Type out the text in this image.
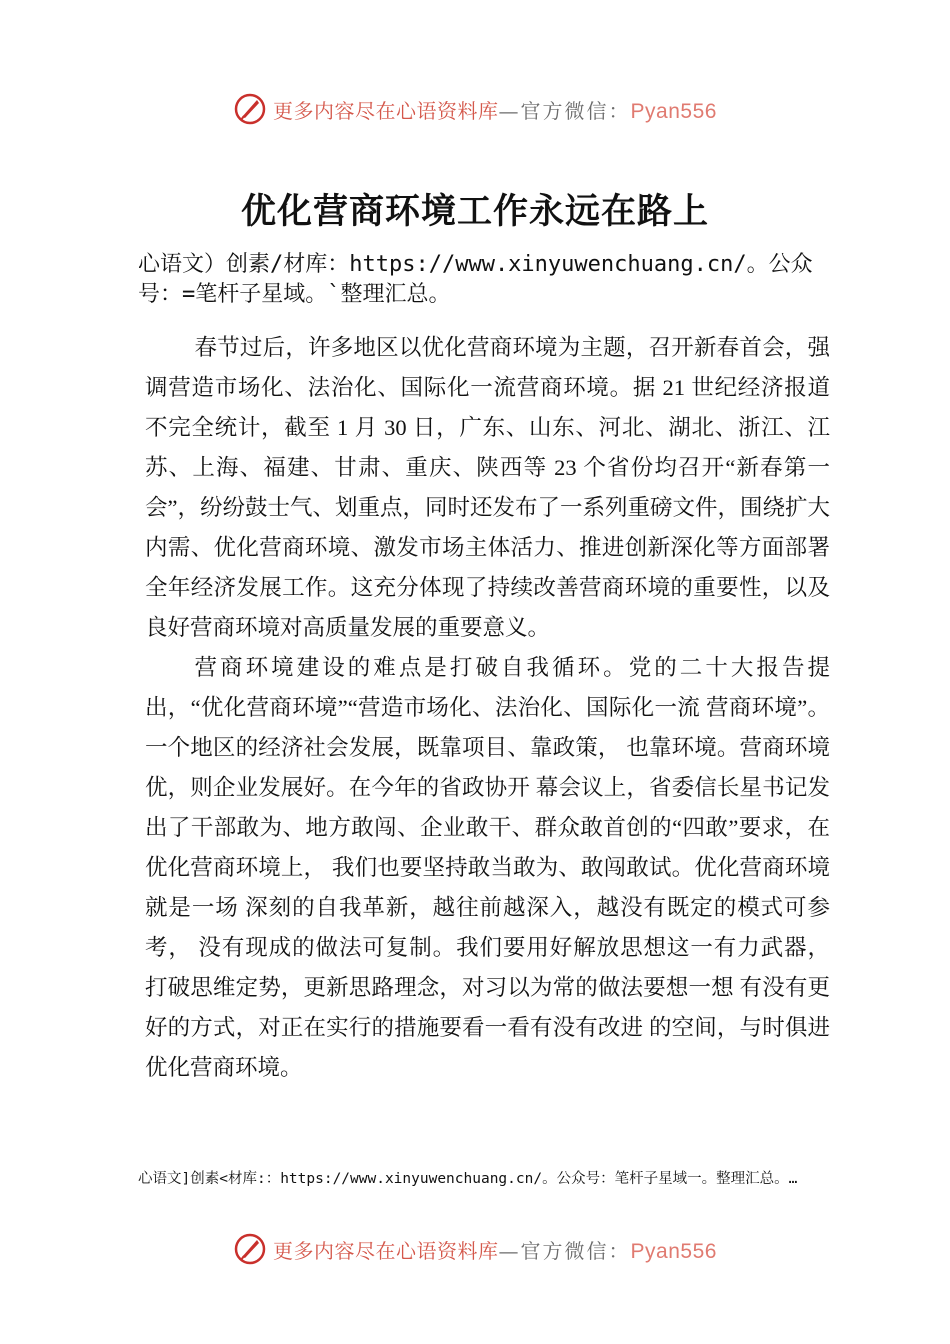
更多内容尽在心语资料库—官方微信：Pyan556
优化营商环境工作永远在路上

心语文）创素/材库：https://www.xinyuwenchuang.cn/。公众号：=笔杆子星域。`整理汇总。

春节过后，许多地区以优化营商环境为主题，召开新春首会，强调营造市场化、法治化、国际化一流营商环境。据 21 世纪经济报道不完全统计，截至 1 月 30 日，广东、山东、河北、湖北、浙江、江苏、上海、福建、甘肃、重庆、陕西等 23 个省份均召开“新春第一会”，纷纷鼓士气、划重点，同时还发布了一系列重磅文件，围绕扩大内需、优化营商环境、激发市场主体活力、推进创新深化等方面部署全年经济发展工作。这充分体现了持续改善营商环境的重要性，以及良好营商环境对高质量发展的重要意义。

营商环境建设的难点是打破自我循环。党的二十大报告提出，“优化营商环境”“营造市场化、法治化、国际化一流 营商环境”。一个地区的经济社会发展，既靠项目、靠政策， 也靠环境。营商环境优，则企业发展好。在今年的省政协开 幕会议上，省委信长星书记发出了干部敢为、地方敢闯、企业敢干、群众敢首创的“四敢”要求，在优化营商环境上， 我们也要坚持敢当敢为、敢闯敢试。优化营商环境就是一场 深刻的自我革新，越往前越深入，越没有既定的模式可参考， 没有现成的做法可复制。我们要用好解放思想这一有力武器， 打破思维定势，更新思路理念，对习以为常的做法要想一想 有没有更好的方式，对正在实行的措施要看一看有没有改进 的空间，与时俱进优化营商环境。

心语文]创素<材库:：https://www.xinyuwenchuang.cn/。公众号：笔杆子星域一。整理汇总。…

更多内容尽在心语资料库—官方微信：Pyan556
